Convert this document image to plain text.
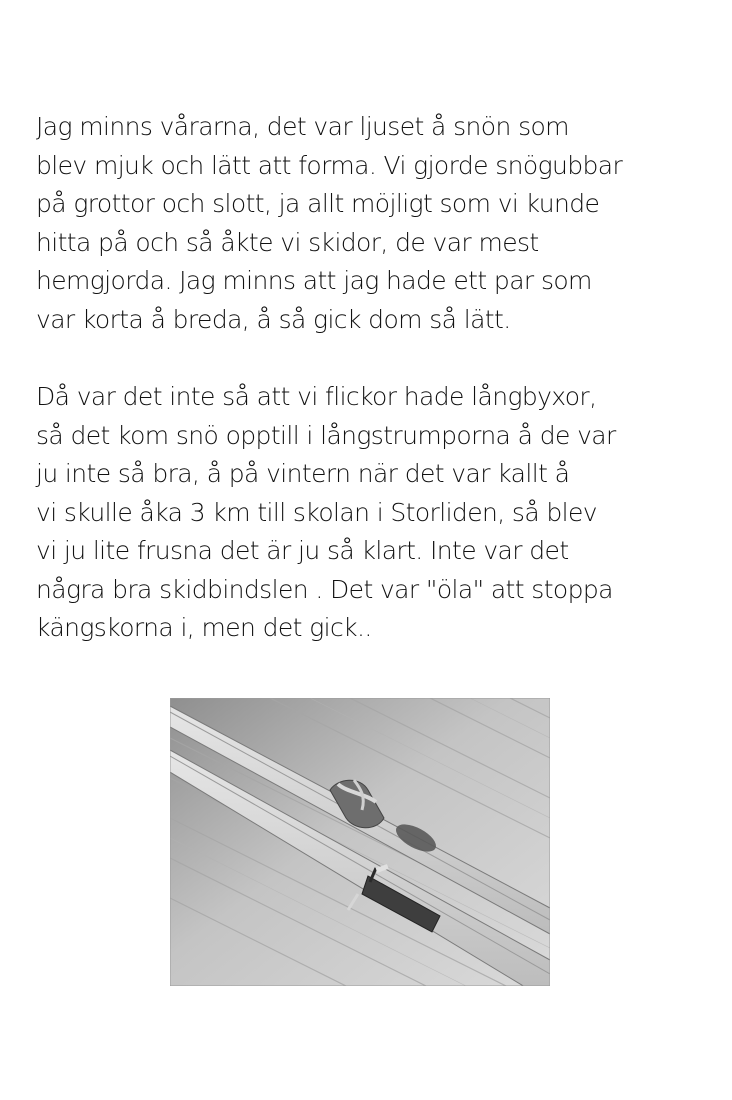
Jag minns vårarna, det var ljuset å snön som
blev mjuk och lätt att forma. Vi gjorde snögubbar
på grottor och slott, ja allt möjligt som vi kunde
hitta på och så åkte vi skidor, de var mest
hemgjorda. Jag minns att jag hade ett par som
var korta å breda, å så gick dom så lätt.

Då var det inte så att vi flickor hade långbyxor,
så det kom snö opptill i långstrumporna å de var
ju inte så bra, å på vintern när det var kallt å
vi skulle åka 3 km till skolan i Storliden, så blev
vi ju lite frusna det är ju så klart. Inte var det
några bra skidbindslen . Det var "öla" att stoppa
kängskorna i, men det gick..
